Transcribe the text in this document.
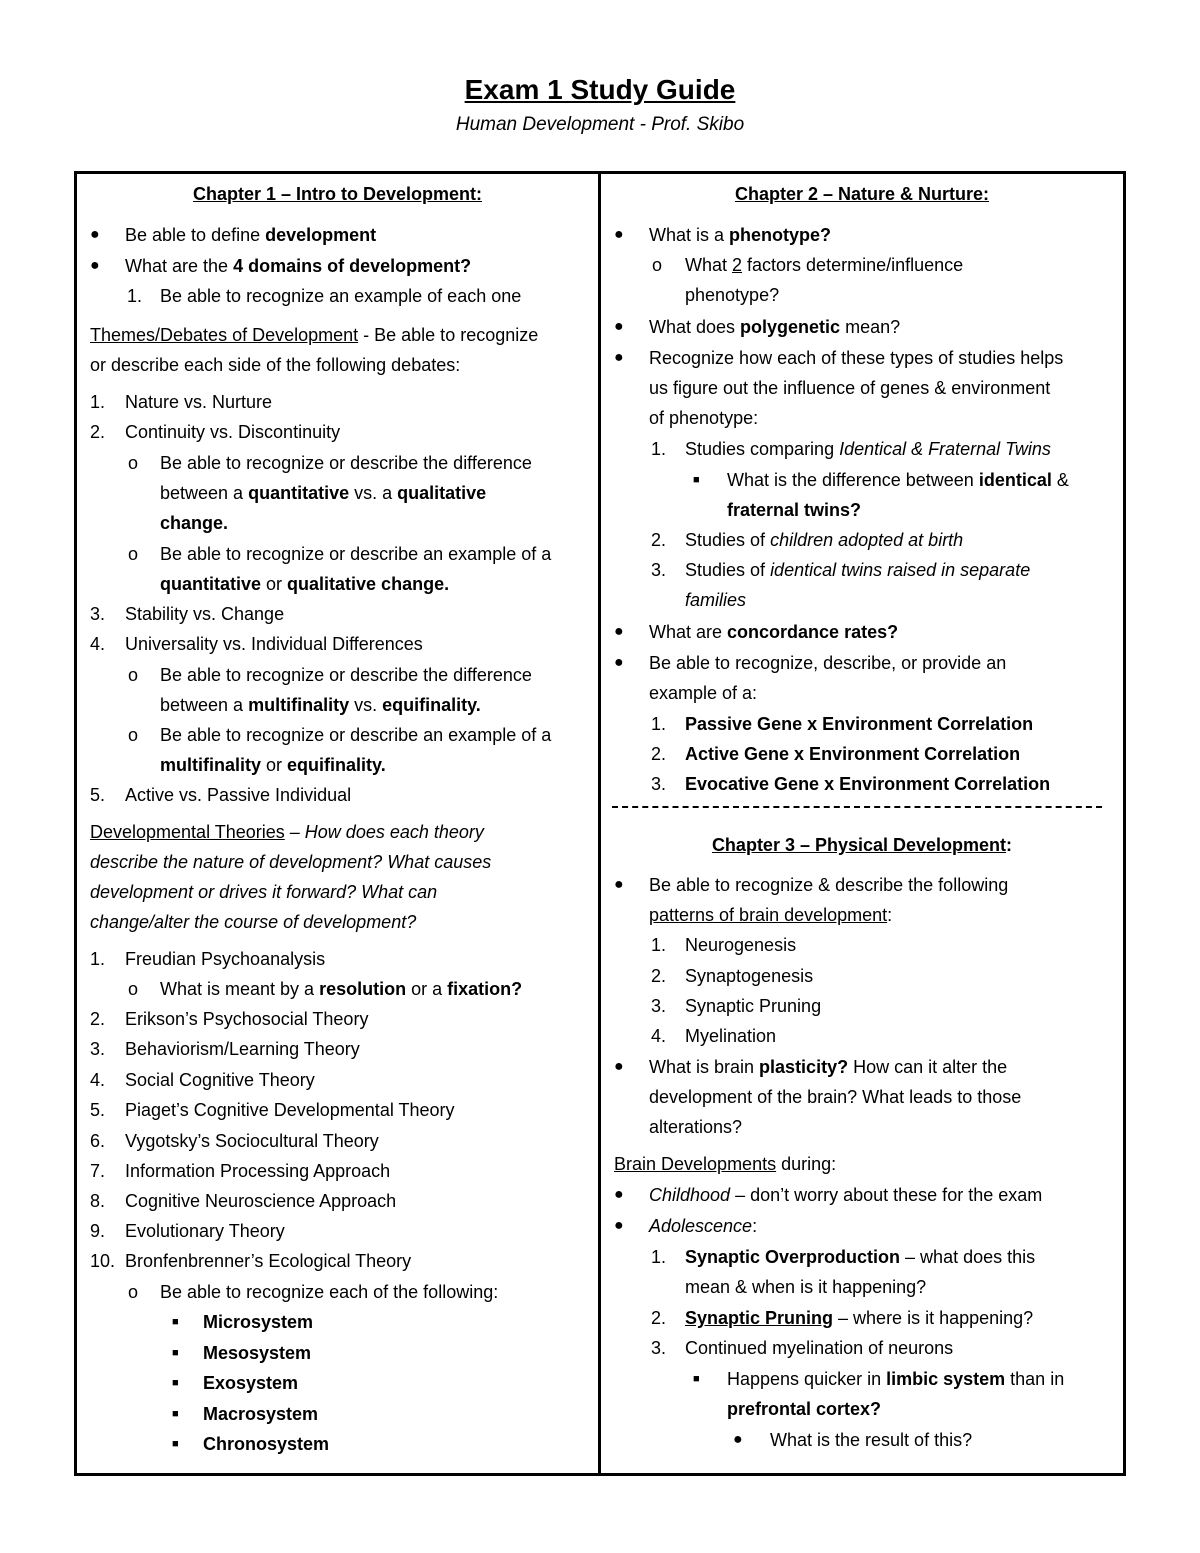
Exam 1 Study Guide
Human Development - Prof. Skibo
Chapter 1 – Intro to Development:
● Be able to define development
● What are the 4 domains of development?
1. Be able to recognize an example of each one
Themes/Debates of Development - Be able to recognize
or describe each side of the following debates:
1. Nature vs. Nurture
2. Continuity vs. Discontinuity
o Be able to recognize or describe the difference
between a quantitative vs. a qualitative
change.
o Be able to recognize or describe an example of a
quantitative or qualitative change.
3. Stability vs. Change
4. Universality vs. Individual Differences
o Be able to recognize or describe the difference
between a multifinality vs. equifinality.
o Be able to recognize or describe an example of a
multifinality or equifinality.
5. Active vs. Passive Individual
Developmental Theories – How does each theory
describe the nature of development? What causes
development or drives it forward? What can
change/alter the course of development?
1. Freudian Psychoanalysis
o What is meant by a resolution or a fixation?
2. Erikson’s Psychosocial Theory
3. Behaviorism/Learning Theory
4. Social Cognitive Theory
5. Piaget’s Cognitive Developmental Theory
6. Vygotsky’s Sociocultural Theory
7. Information Processing Approach
8. Cognitive Neuroscience Approach
9. Evolutionary Theory
10. Bronfenbrenner’s Ecological Theory
o Be able to recognize each of the following:
■ Microsystem
■ Mesosystem
■ Exosystem
■ Macrosystem
■ Chronosystem
Chapter 2 – Nature & Nurture:
● What is a phenotype?
o What 2 factors determine/influence
phenotype?
● What does polygenetic mean?
● Recognize how each of these types of studies helps
us figure out the influence of genes & environment
of phenotype:
1. Studies comparing Identical & Fraternal Twins
■ What is the difference between identical &
fraternal twins?
2. Studies of children adopted at birth
3. Studies of identical twins raised in separate
families
● What are concordance rates?
● Be able to recognize, describe, or provide an
example of a:
1. Passive Gene x Environment Correlation
2. Active Gene x Environment Correlation
3. Evocative Gene x Environment Correlation
Chapter 3 – Physical Development:
● Be able to recognize & describe the following
patterns of brain development:
1. Neurogenesis
2. Synaptogenesis
3. Synaptic Pruning
4. Myelination
● What is brain plasticity? How can it alter the
development of the brain? What leads to those
alterations?
Brain Developments during:
● Childhood – don’t worry about these for the exam
● Adolescence:
1. Synaptic Overproduction – what does this
mean & when is it happening?
2. Synaptic Pruning – where is it happening?
3. Continued myelination of neurons
■ Happens quicker in limbic system than in
prefrontal cortex?
● What is the result of this?
